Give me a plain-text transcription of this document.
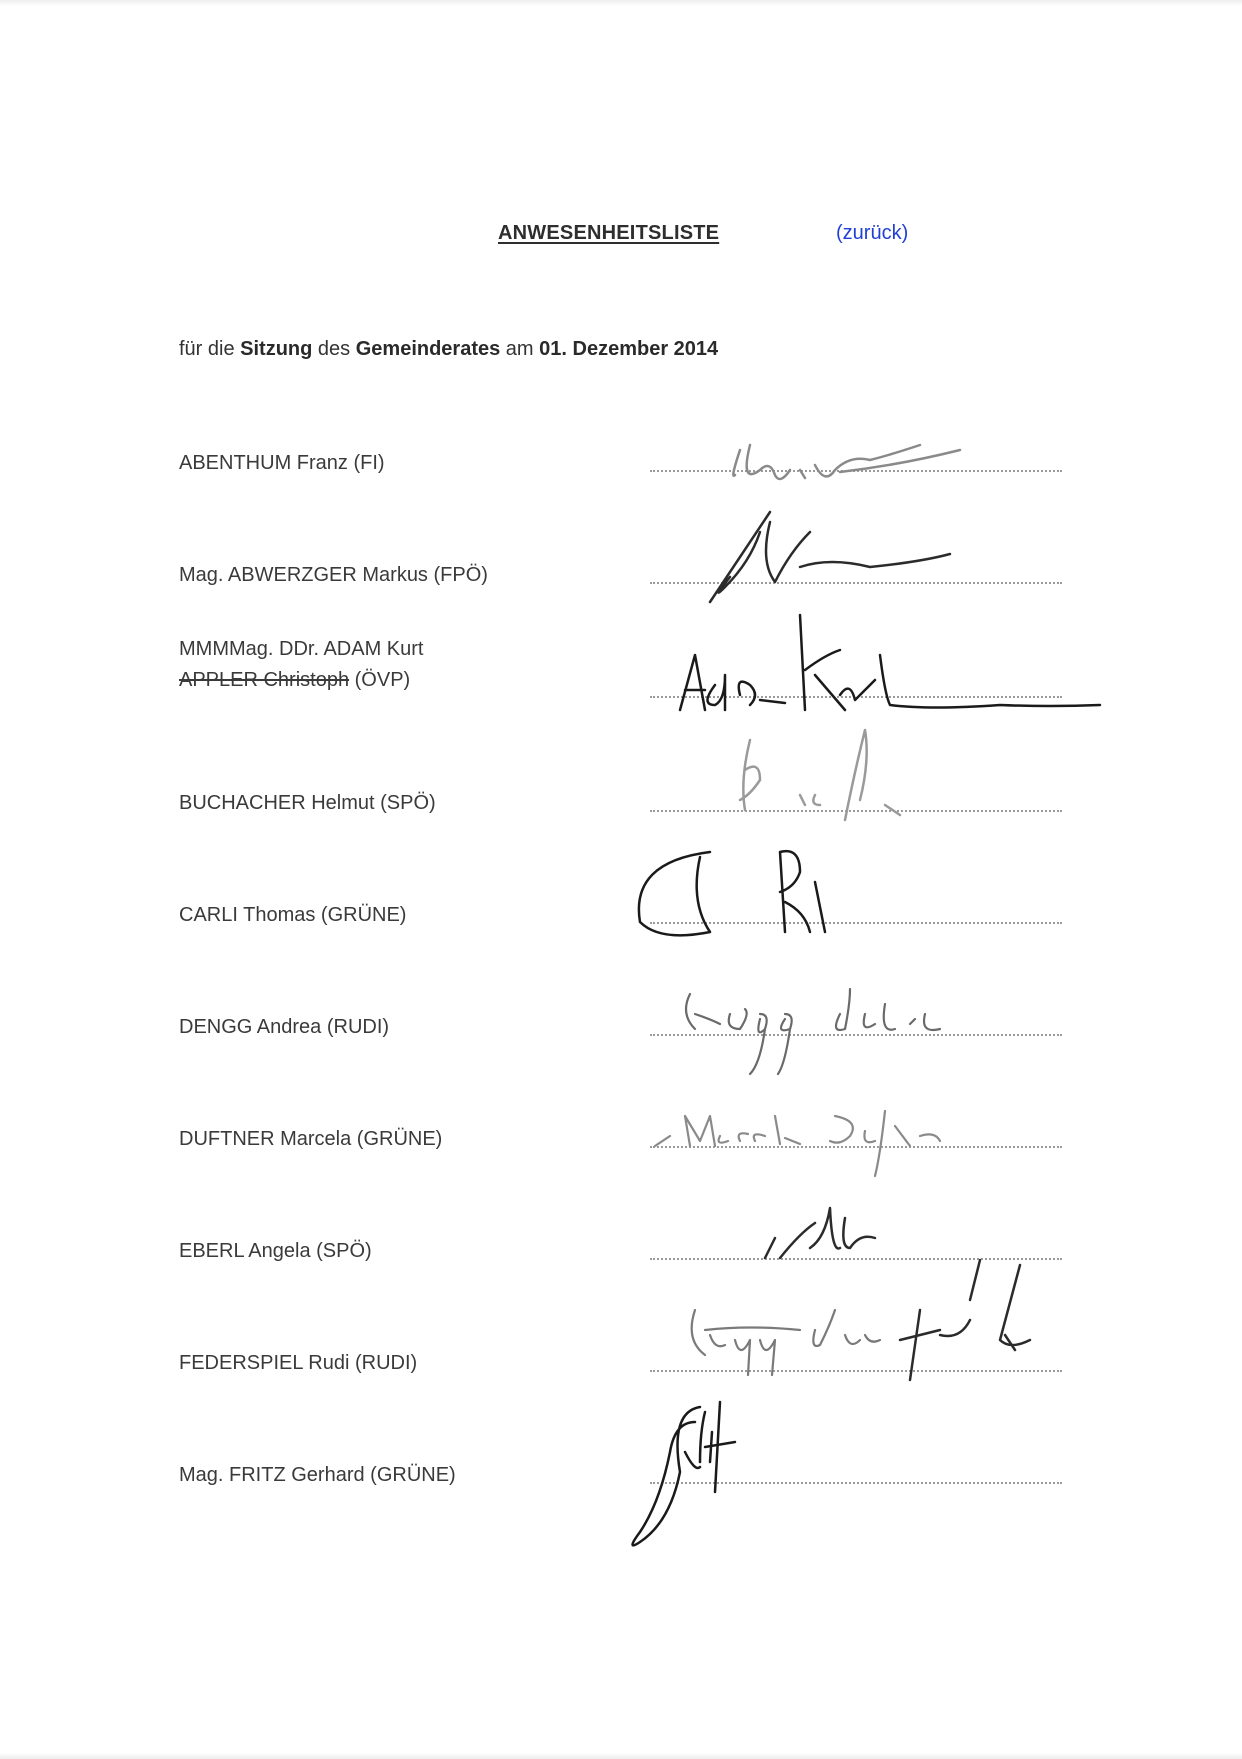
ANWESENHEITSLISTE	(zurück)
für die Sitzung des Gemeinderates am 01. Dezember 2014
ABENTHUM Franz (FI)
Mag. ABWERZGER Markus (FPÖ)
MMMMag. DDr. ADAM Kurt
APPLER Christoph (ÖVP)
BUCHACHER Helmut (SPÖ)
CARLI Thomas (GRÜNE)
DENGG Andrea (RUDI)
DUFTNER Marcela (GRÜNE)
EBERL Angela (SPÖ)
FEDERSPIEL Rudi (RUDI)
Mag. FRITZ Gerhard (GRÜNE)
